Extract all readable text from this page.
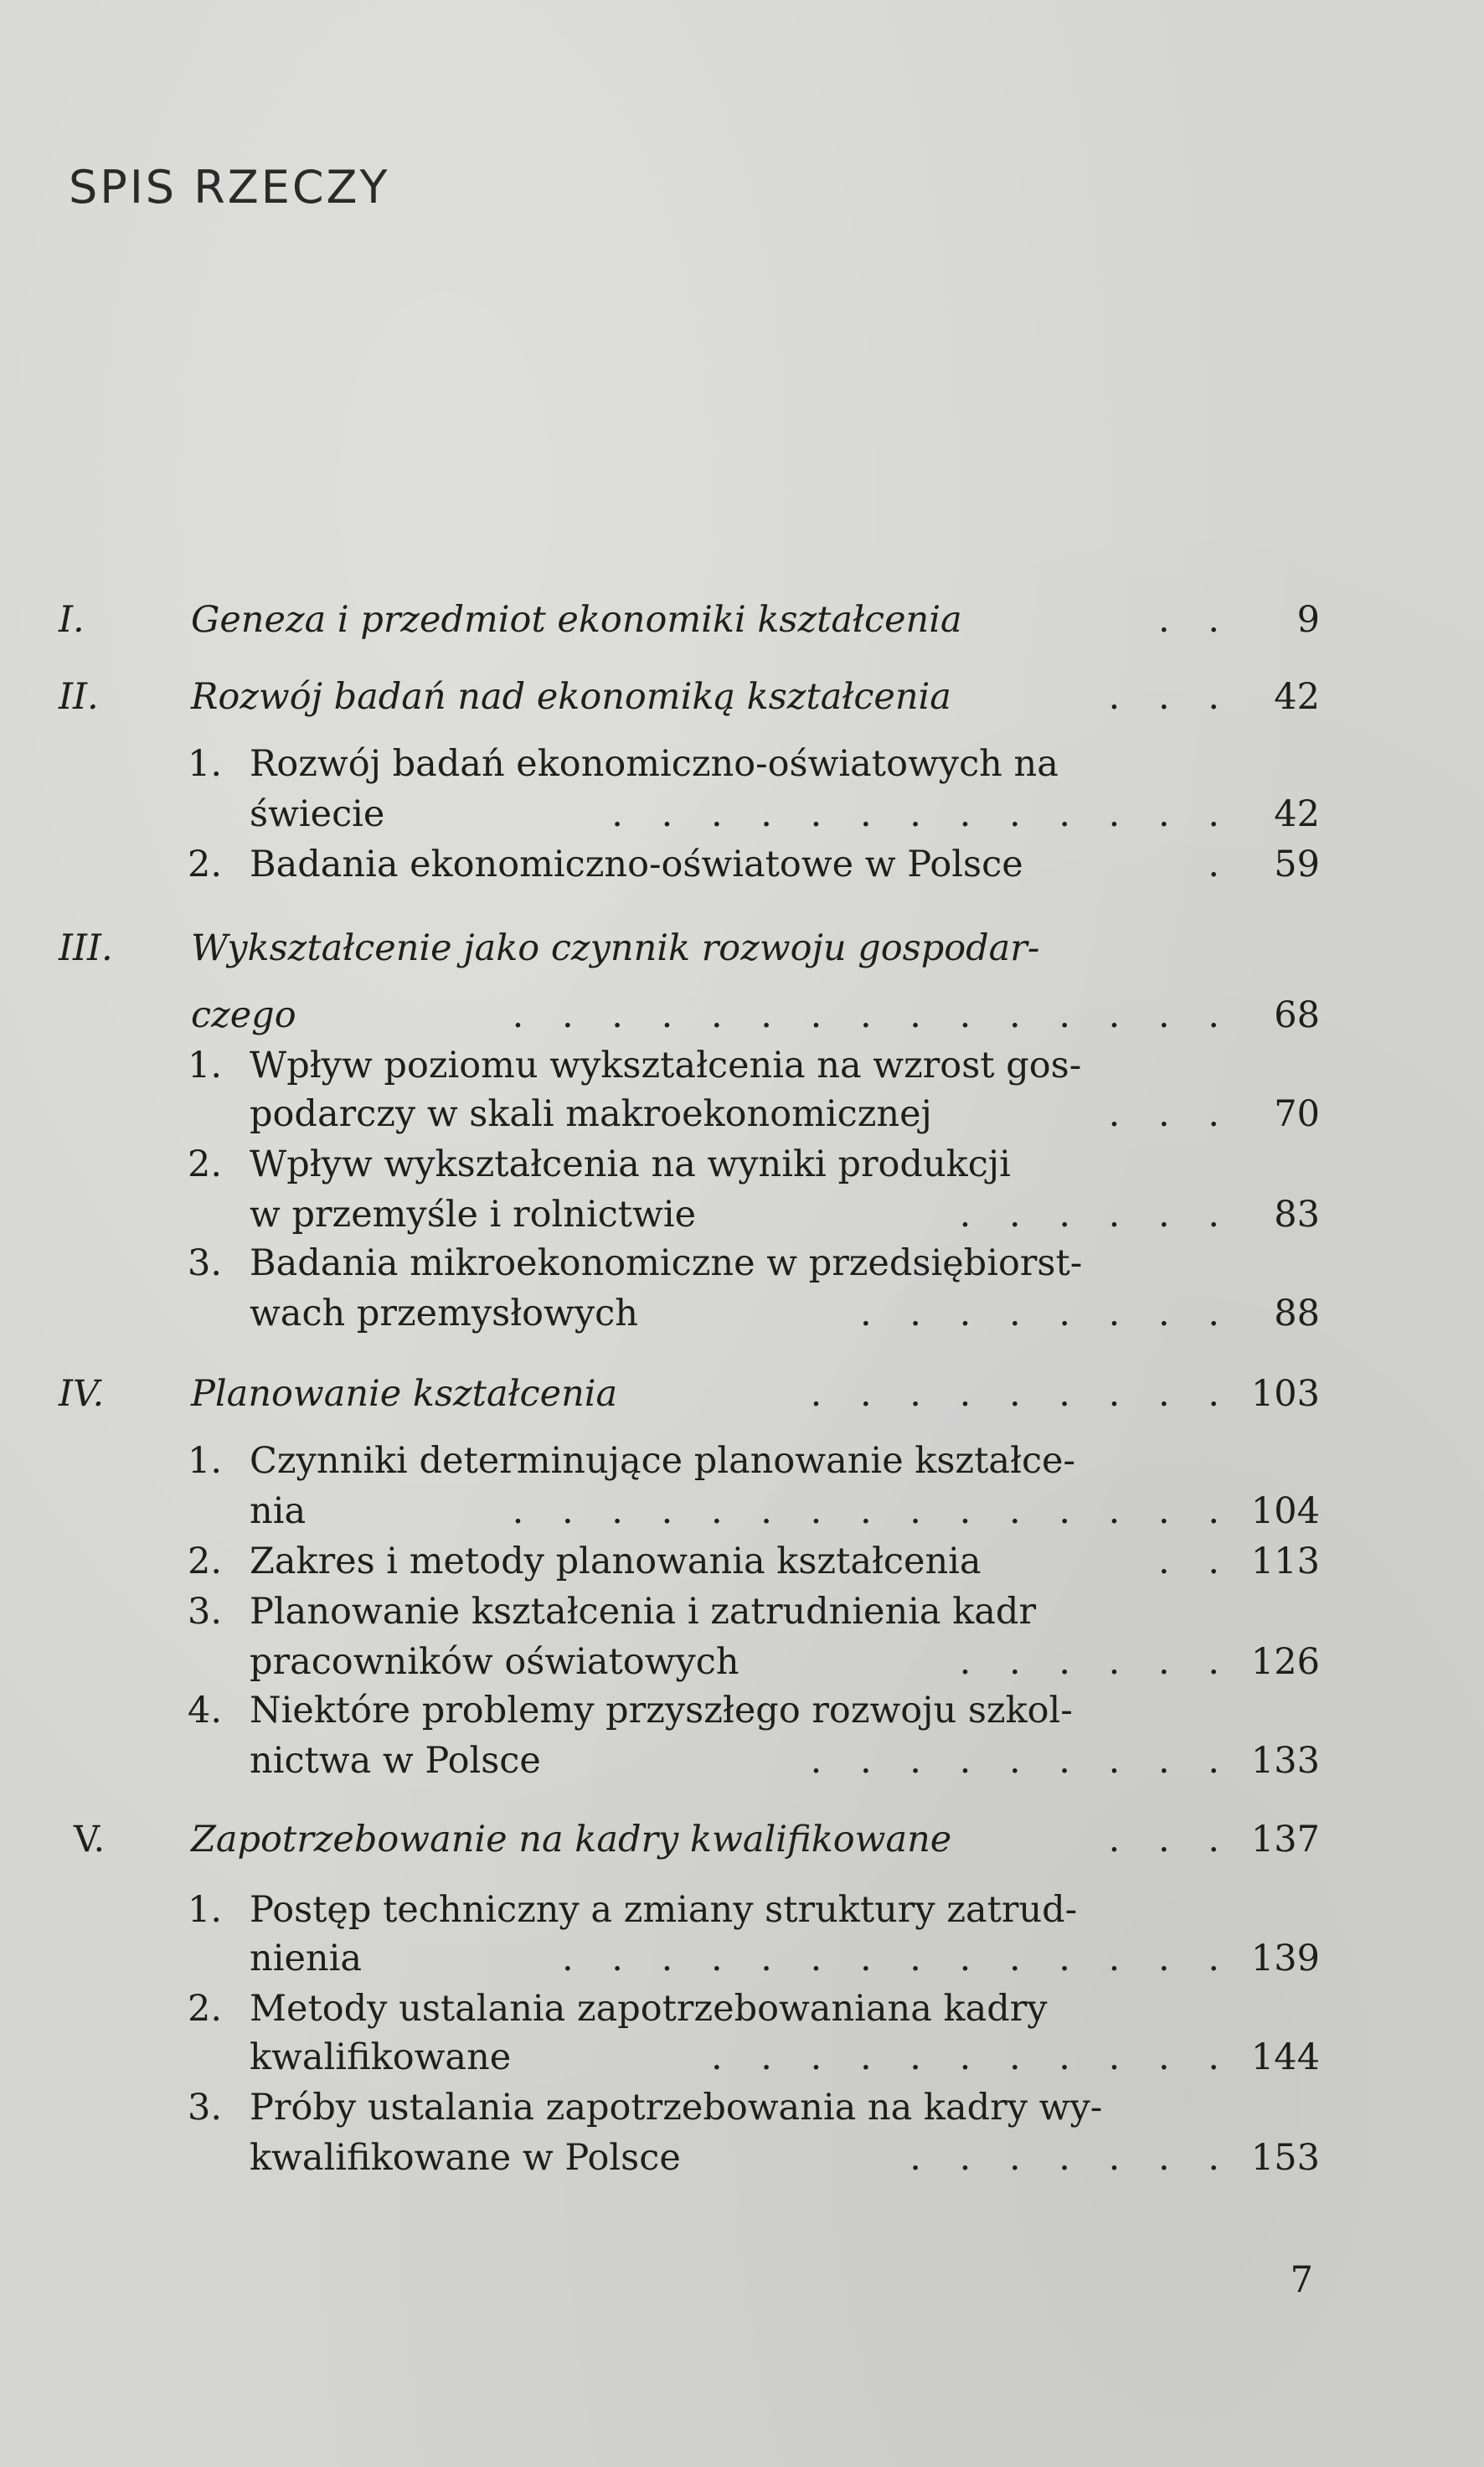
SPIS RZECZY
I.	Geneza i przedmiot ekonomiki kształcenia	. . 9
II.	Rozwój badań nad ekonomiką kształcenia	. . . 42
1. Rozwój badań ekonomiczno-oświatowych na
świecie	. . . . . . . . . . . . . 42
2. Badania ekonomiczno-oświatowe w Polsce	. 59
III. Wykształcenie jako czynnik rozwoju gospodar-
czego	. . . . . . . . . . . . . . . 68
1. Wpływ poziomu wykształcenia na wzrost gos-
podarczy w skali makroekonomicznej	. . . 70
2. Wpływ wykształcenia na wyniki produkcji
w przemyśle i rolnictwie	. . . . . . 83
3. Badania mikroekonomiczne w przedsiębiorst-
wach przemysłowych	. . . . . . . . 88
IV. Planowanie kształcenia	. . . . . . . . . 103
1. Czynniki determinujące planowanie kształce-
nia	. . . . . . . . . . . . . . . 104
2. Zakres i metody planowania kształcenia	. . 113
3. Planowanie kształcenia i zatrudnienia kadr
pracowników oświatowych	. . . . . . 126
4. Niektóre problemy przyszłego rozwoju szkol-
nictwa w Polsce	. . . . . . . . . 133
V. Zapotrzebowanie na kadry kwalifikowane	. . . 137
1. Postęp techniczny a zmiany struktury zatrud-
nienia	. . . . . . . . . . . . . . 139
2. Metody ustalania zapotrzebowaniana kadry
kwalifikowane	. . . . . . . . . . . 144
3. Próby ustalania zapotrzebowania na kadry wy-
kwalifikowane w Polsce	. . . . . . . 153
7
